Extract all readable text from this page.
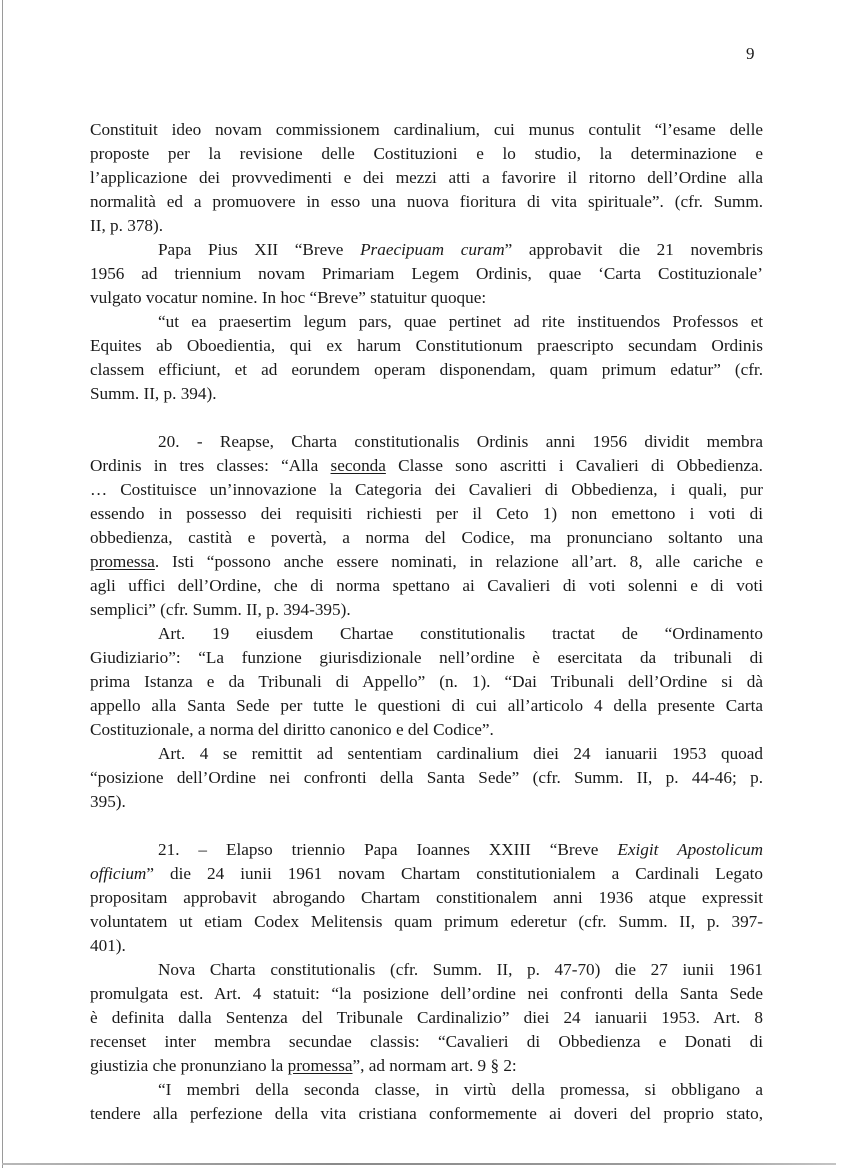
9
Constituit ideo novam commissionem cardinalium, cui munus contulit “l’esame delle
proposte per la revisione delle Costituzioni e lo studio, la determinazione e
l’applicazione dei provvedimenti e dei mezzi atti a favorire il ritorno dell’Ordine alla
normalità ed a promuovere in esso una nuova fioritura di vita spirituale”. (cfr. Summ.
II, p. 378).
Papa Pius XII “Breve Praecipuam curam” approbavit die 21 novembris
1956 ad triennium novam Primariam Legem Ordinis, quae ‘Carta Costituzionale’
vulgato vocatur nomine. In hoc “Breve” statuitur quoque:
“ut ea praesertim legum pars, quae pertinet ad rite instituendos Professos et
Equites ab Oboedientia, qui ex harum Constitutionum praescripto secundam Ordinis
classem efficiunt, et ad eorundem operam disponendam, quam primum edatur” (cfr.
Summ. II, p. 394).
20. - Reapse, Charta constitutionalis Ordinis anni 1956 dividit membra
Ordinis in tres classes: “Alla seconda Classe sono ascritti i Cavalieri di Obbedienza.
… Costituisce un’innovazione la Categoria dei Cavalieri di Obbedienza, i quali, pur
essendo in possesso dei requisiti richiesti per il Ceto 1) non emettono i voti di
obbedienza, castità e povertà, a norma del Codice, ma pronunciano soltanto una
promessa. Isti “possono anche essere nominati, in relazione all’art. 8, alle cariche e
agli uffici dell’Ordine, che di norma spettano ai Cavalieri di voti solenni e di voti
semplici” (cfr. Summ. II, p. 394-395).
Art. 19 eiusdem Chartae constitutionalis tractat de “Ordinamento
Giudiziario”: “La funzione giurisdizionale nell’ordine è esercitata da tribunali di
prima Istanza e da Tribunali di Appello” (n. 1). “Dai Tribunali dell’Ordine si dà
appello alla Santa Sede per tutte le questioni di cui all’articolo 4 della presente Carta
Costituzionale, a norma del diritto canonico e del Codice”.
Art. 4 se remittit ad sententiam cardinalium diei 24 ianuarii 1953 quoad
“posizione dell’Ordine nei confronti della Santa Sede” (cfr. Summ. II, p. 44-46; p.
395).
21. – Elapso triennio Papa Ioannes XXIII “Breve Exigit Apostolicum
officium” die 24 iunii 1961 novam Chartam constitutionialem a Cardinali Legato
propositam approbavit abrogando Chartam constitionalem anni 1936 atque expressit
voluntatem ut etiam Codex Melitensis quam primum ederetur (cfr. Summ. II, p. 397-
401).
Nova Charta constitutionalis (cfr. Summ. II, p. 47-70) die 27 iunii 1961
promulgata est. Art. 4 statuit: “la posizione dell’ordine nei confronti della Santa Sede
è definita dalla Sentenza del Tribunale Cardinalizio” diei 24 ianuarii 1953. Art. 8
recenset inter membra secundae classis: “Cavalieri di Obbedienza e Donati di
giustizia che pronunziano la promessa”, ad normam art. 9 § 2:
“I membri della seconda classe, in virtù della promessa, si obbligano a
tendere alla perfezione della vita cristiana conformemente ai doveri del proprio stato,
